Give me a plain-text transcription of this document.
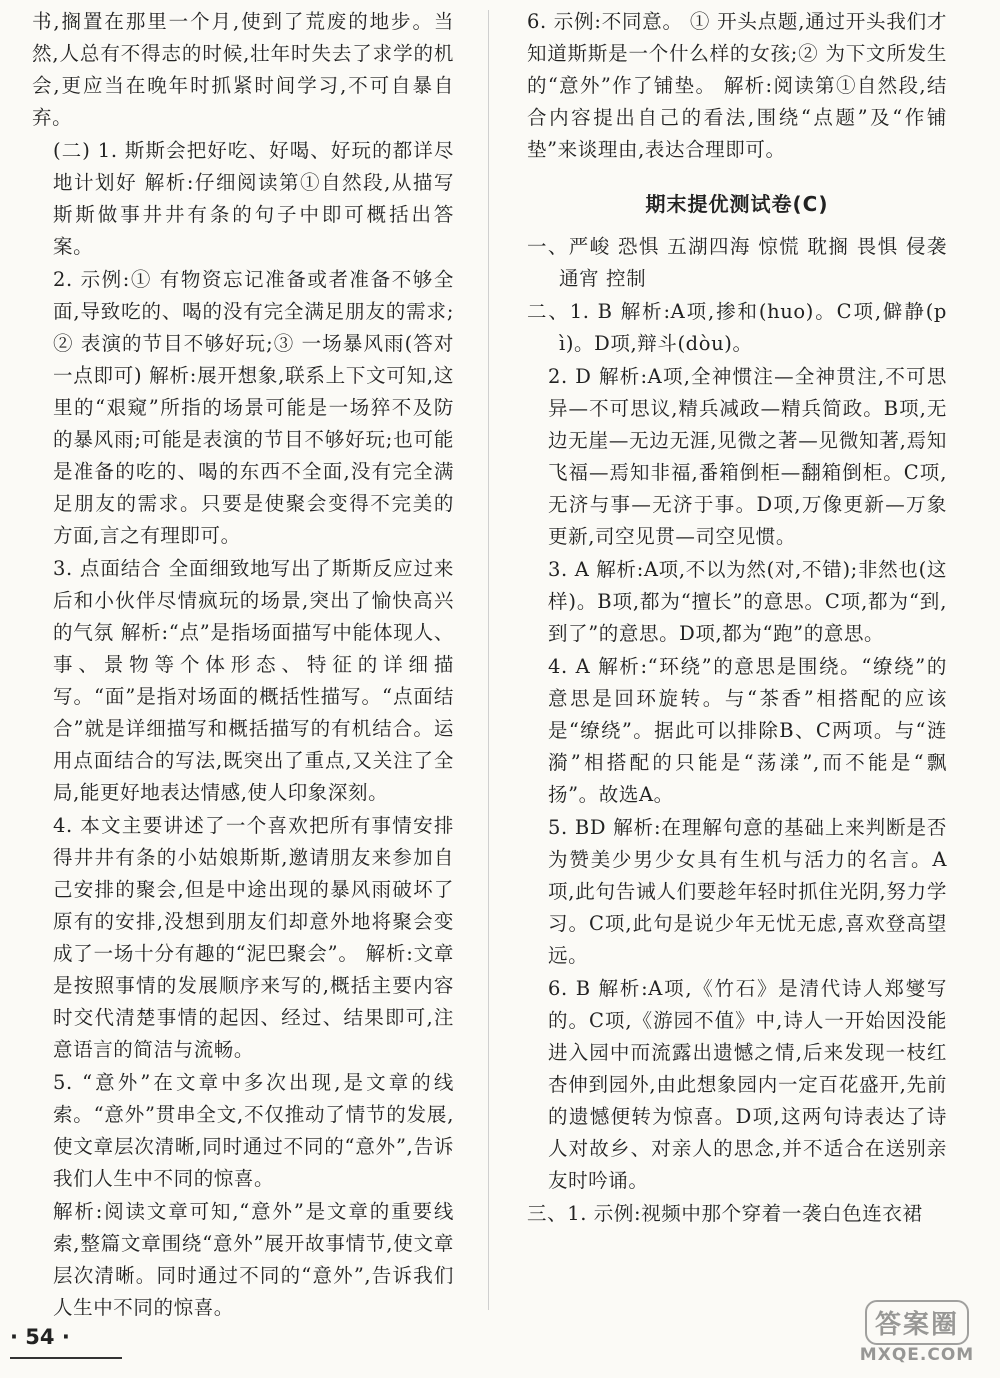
书,搁置在那里一个月,使到了荒废的地步。当然,人总有不得志的时候,壮年时失去了求学的机会,更应当在晚年时抓紧时间学习,不可自暴自弃。

(二) 1. 斯斯会把好吃、好喝、好玩的都详尽地计划好 解析:仔细阅读第①自然段,从描写斯斯做事井井有条的句子中即可概括出答案。

2. 示例:① 有物资忘记准备或者准备不够全面,导致吃的、喝的没有完全满足朋友的需求;② 表演的节目不够好玩;③ 一场暴风雨(答对一点即可) 解析:展开想象,联系上下文可知,这里的“艰窥”所指的场景可能是一场猝不及防的暴风雨;可能是表演的节目不够好玩;也可能是准备的吃的、喝的东西不全面,没有完全满足朋友的需求。只要是使聚会变得不完美的方面,言之有理即可。

3. 点面结合 全面细致地写出了斯斯反应过来后和小伙伴尽情疯玩的场景,突出了愉快高兴的气氛 解析:“点”是指场面描写中能体现人、事、景物等个体形态、特征的详细描写。“面”是指对场面的概括性描写。“点面结合”就是详细描写和概括描写的有机结合。运用点面结合的写法,既突出了重点,又关注了全局,能更好地表达情感,使人印象深刻。

4. 本文主要讲述了一个喜欢把所有事情安排得井井有条的小姑娘斯斯,邀请朋友来参加自己安排的聚会,但是中途出现的暴风雨破坏了原有的安排,没想到朋友们却意外地将聚会变成了一场十分有趣的“泥巴聚会”。 解析:文章是按照事情的发展顺序来写的,概括主要内容时交代清楚事情的起因、经过、结果即可,注意语言的简洁与流畅。

5. “意外”在文章中多次出现,是文章的线索。“意外”贯串全文,不仅推动了情节的发展,使文章层次清晰,同时通过不同的“意外”,告诉我们人生中不同的惊喜。

解析:阅读文章可知,“意外”是文章的重要线索,整篇文章围绕“意外”展开故事情节,使文章层次清晰。同时通过不同的“意外”,告诉我们人生中不同的惊喜。

6. 示例:不同意。 ① 开头点题,通过开头我们才知道斯斯是一个什么样的女孩;② 为下文所发生的“意外”作了铺垫。 解析:阅读第①自然段,结合内容提出自己的看法,围绕“点题”及“作铺垫”来谈理由,表达合理即可。

期末提优测试卷(C)

一、严峻 恐惧 五湖四海 惊慌 耽搁 畏惧 侵袭 通宵 控制

二、1. B 解析:A项,掺和(huo)。C项,僻静(pì)。D项,辩斗(dòu)。

2. D 解析:A项,全神惯注—全神贯注,不可思异—不可思议,精兵减政—精兵简政。B项,无边无崖—无边无涯,见微之著—见微知著,焉知飞福—焉知非福,番箱倒柜—翻箱倒柜。C项,无济与事—无济于事。D项,万像更新—万象更新,司空见贯—司空见惯。

3. A 解析:A项,不以为然(对,不错);非然也(这样)。B项,都为“擅长”的意思。C项,都为“到,到了”的意思。D项,都为“跑”的意思。

4. A 解析:“环绕”的意思是围绕。“缭绕”的意思是回环旋转。与“茶香”相搭配的应该是“缭绕”。据此可以排除B、C两项。与“涟漪”相搭配的只能是“荡漾”,而不能是“飘扬”。故选A。

5. BD 解析:在理解句意的基础上来判断是否为赞美少男少女具有生机与活力的名言。A项,此句告诫人们要趁年轻时抓住光阴,努力学习。C项,此句是说少年无忧无虑,喜欢登高望远。

6. B 解析:A项,《竹石》是清代诗人郑燮写的。C项,《游园不值》中,诗人一开始因没能进入园中而流露出遗憾之情,后来发现一枝红杏伸到园外,由此想象园内一定百花盛开,先前的遗憾便转为惊喜。D项,这两句诗表达了诗人对故乡、对亲人的思念,并不适合在送别亲友时吟诵。

三、1. 示例:视频中那个穿着一袭白色连衣裙

· 54 ·	答案圈
MXQE.COM
